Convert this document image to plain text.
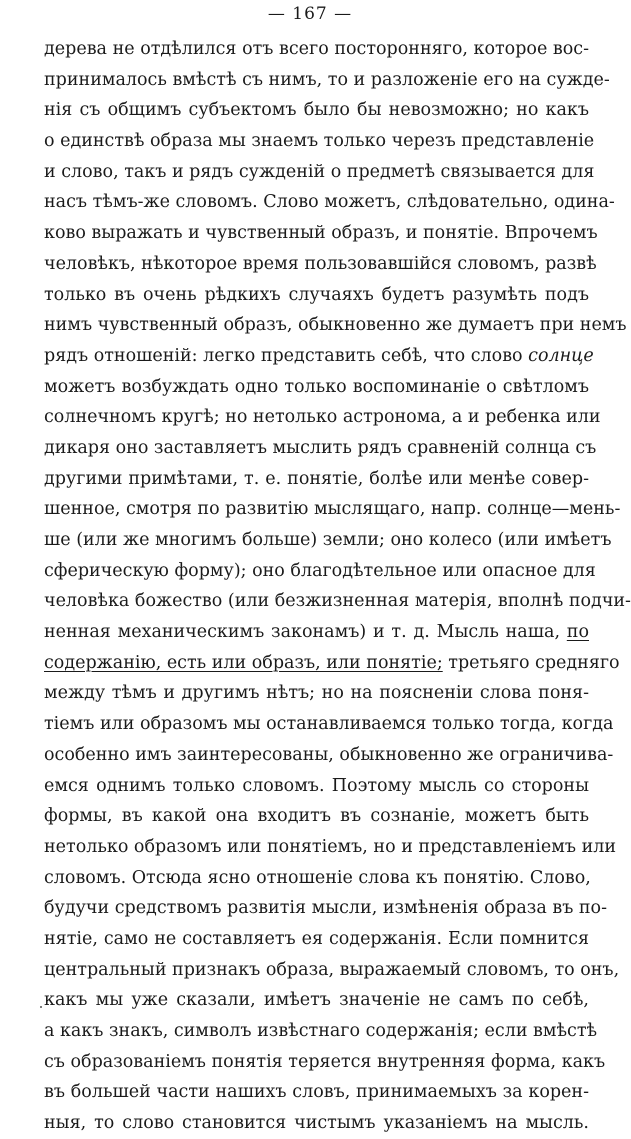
— 167 —
дерева не отдѣлился отъ всего посторонняго, которое вос-
принималось вмѣстѣ съ нимъ, то и разложеніе его на сужде-
нія съ общимъ субъектомъ было бы невозможно; но какъ
о единствѣ образа мы знаемъ только черезъ представленіе
и слово, такъ и рядъ сужденій о предметѣ связывается для
насъ тѣмъ-же словомъ. Слово можетъ, слѣдовательно, одина-
ково выражать и чувственный образъ, и понятіе. Впрочемъ
человѣкъ, нѣкоторое время пользовавшійся словомъ, развѣ
только въ очень рѣдкихъ случаяхъ будетъ разумѣть подъ
нимъ чувственный образъ, обыкновенно же думаетъ при немъ
рядъ отношеній: легко представить себѣ, что слово солнце
можетъ возбуждать одно только воспоминаніе о свѣтломъ
солнечномъ кругѣ; но нетолько астронома, а и ребенка или
дикаря оно заставляетъ мыслить рядъ сравненій солнца съ
другими примѣтами, т. е. понятіе, болѣе или менѣе совер-
шенное, смотря по развитію мыслящаго, напр. солнце—мень-
ше (или же многимъ больше) земли; оно колесо (или имѣетъ
сферическую форму); оно благодѣтельное или опасное для
человѣка божество (или безжизненная матерія, вполнѣ подчи-
ненная механическимъ законамъ) и т. д. Мысль наша, по
содержанію, есть или образъ, или понятіе; третьяго средняго
между тѣмъ и другимъ нѣтъ; но на поясненіи слова поня-
тіемъ или образомъ мы останавливаемся только тогда, когда
особенно имъ заинтересованы, обыкновенно же ограничива-
емся однимъ только словомъ. Поэтому мысль со стороны
формы, въ какой она входитъ въ сознаніе, можетъ быть
нетолько образомъ или понятіемъ, но и представленіемъ или
словомъ. Отсюда ясно отношеніе слова къ понятію. Слово,
будучи средствомъ развитія мысли, измѣненія образа въ по-
нятіе, само не составляетъ ея содержанія. Если помнится
центральный признакъ образа, выражаемый словомъ, то онъ,
какъ мы уже сказали, имѣетъ значеніе не самъ по себѣ,
а какъ знакъ, символъ извѣстнаго содержанія; если вмѣстѣ
съ образованіемъ понятія теряется внутренняя форма, какъ
въ большей части нашихъ словъ, принимаемыхъ за корен-
ныя, то слово становится чистымъ указаніемъ на мысль.
